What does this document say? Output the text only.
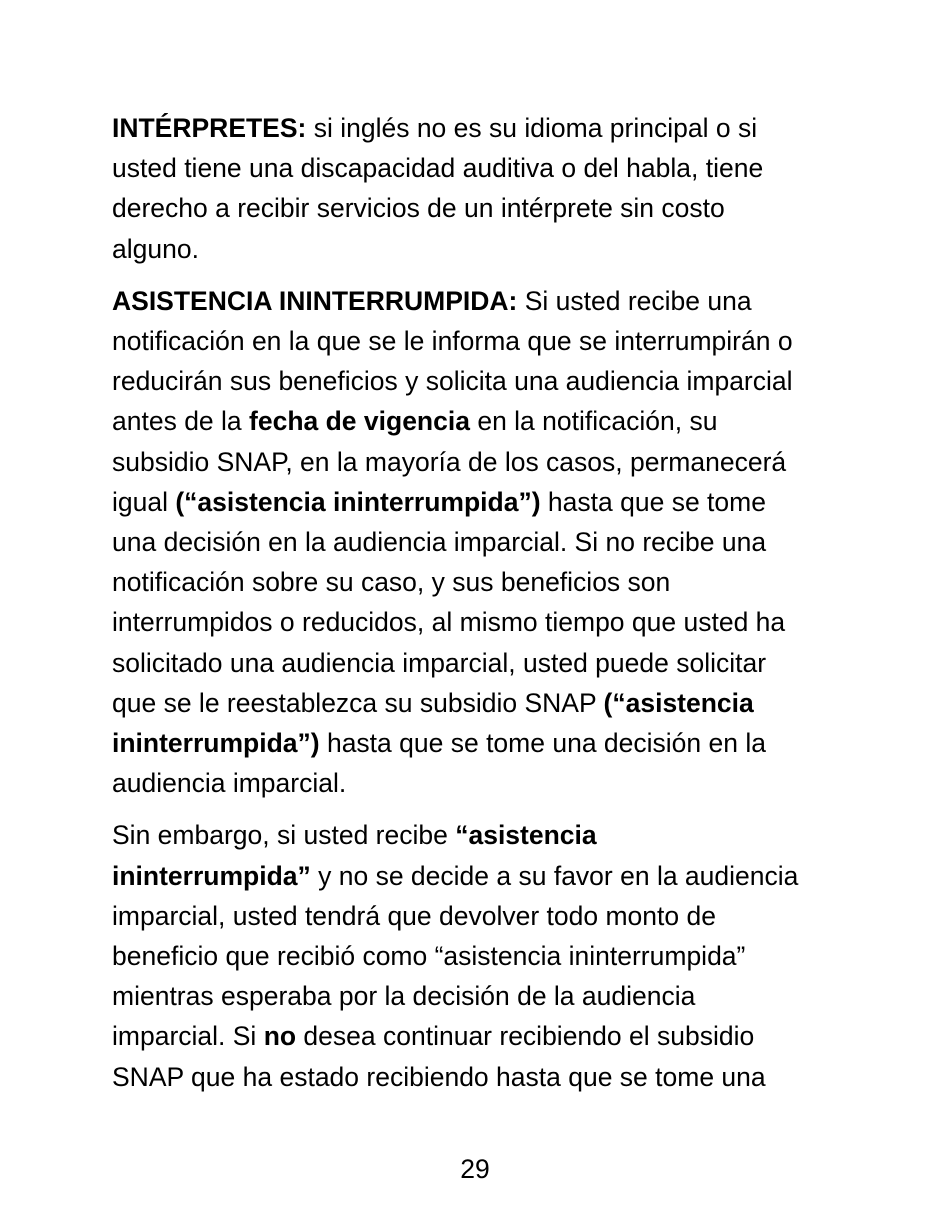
INTÉRPRETES: si inglés no es su idioma principal o si
usted tiene una discapacidad auditiva o del habla, tiene
derecho a recibir servicios de un intérprete sin costo
alguno.

ASISTENCIA ININTERRUMPIDA: Si usted recibe una
notificación en la que se le informa que se interrumpirán o
reducirán sus beneficios y solicita una audiencia imparcial
antes de la fecha de vigencia en la notificación, su
subsidio SNAP, en la mayoría de los casos, permanecerá
igual (“asistencia ininterrumpida”) hasta que se tome
una decisión en la audiencia imparcial. Si no recibe una
notificación sobre su caso, y sus beneficios son
interrumpidos o reducidos, al mismo tiempo que usted ha
solicitado una audiencia imparcial, usted puede solicitar
que se le reestablezca su subsidio SNAP (“asistencia
ininterrumpida”) hasta que se tome una decisión en la
audiencia imparcial.

Sin embargo, si usted recibe “asistencia
ininterrumpida” y no se decide a su favor en la audiencia
imparcial, usted tendrá que devolver todo monto de
beneficio que recibió como “asistencia ininterrumpida”
mientras esperaba por la decisión de la audiencia
imparcial. Si no desea continuar recibiendo el subsidio
SNAP que ha estado recibiendo hasta que se tome una

29
